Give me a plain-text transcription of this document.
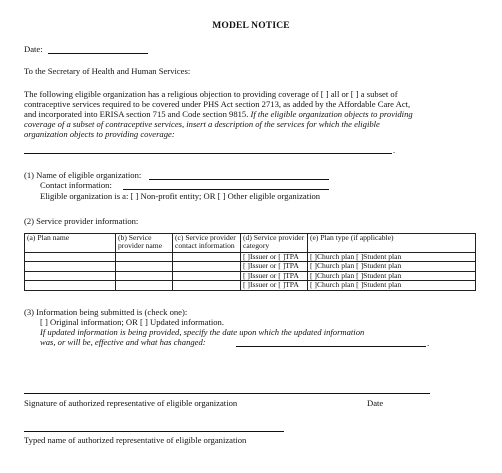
MODEL NOTICE
Date:
To the Secretary of Health and Human Services:
The following eligible organization has a religious objection to providing coverage of [ ] all or [ ] a subset of
contraceptive services required to be covered under PHS Act section 2713, as added by the Affordable Care Act,
and incorporated into ERISA section 715 and Code section 9815. If the eligible organization objects to providing
coverage of a subset of contraceptive services, insert a description of the services for which the eligible
organization objects to providing coverage:
.
(1) Name of eligible organization:
Contact information:
Eligible organization is a: [ ] Non-profit entity; OR [ ] Other eligible organization
(2) Service provider information:
(a) Plan name	(b) Service provider name	(c) Service provider contact information	(d) Service provider category	(e) Plan type (if applicable)
			[ ]Issuer or [ ]TPA	[ ]Church plan [ ]Student plan
			[ ]Issuer or [ ]TPA	[ ]Church plan [ ]Student plan
			[ ]Issuer or [ ]TPA	[ ]Church plan [ ]Student plan
			[ ]Issuer or [ ]TPA	[ ]Church plan [ ]Student plan
(3) Information being submitted is (check one):
[ ] Original information; OR [ ] Updated information.
If updated information is being provided, specify the date upon which the updated information
was, or will be, effective and what has changed:	.
Signature of authorized representative of eligible organization	Date
Typed name of authorized representative of eligible organization
